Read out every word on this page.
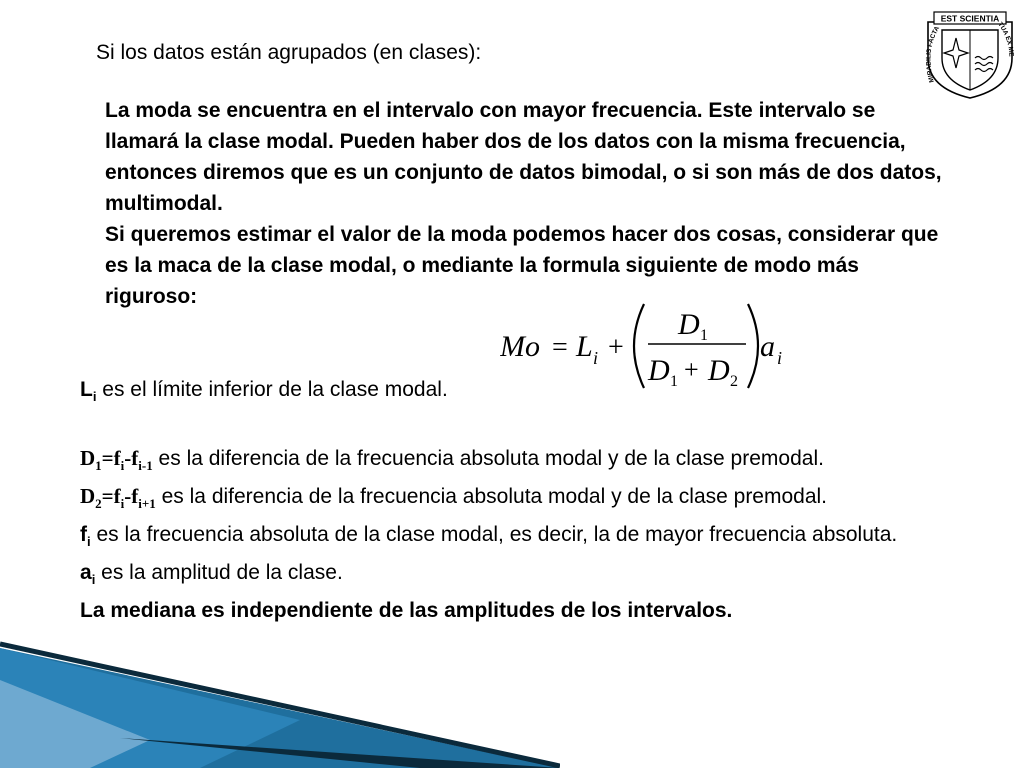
Si los datos están agrupados (en clases):

La moda se encuentra en el intervalo con mayor frecuencia. Este intervalo se llamará la clase modal. Pueden haber dos de los datos con la misma frecuencia, entonces diremos que es un conjunto de datos bimodal, o si son más de dos datos, multimodal.

Si queremos estimar el valor de la moda podemos hacer dos cosas, considerar que es la maca de la clase modal, o mediante la formula siguiente de modo más riguroso:

Mo = L i +
D 1
D 1 + D 2
a i

$L_i$ es el límite inferior de la clase modal.

$D_1=f_i-f_{i-1}$ es la diferencia de la frecuencia absoluta modal y de la clase premodal.

$D_2=f_i-f_{i+1}$ es la diferencia de la frecuencia absoluta modal y de la clase premodal.

$f_i$ es la frecuencia absoluta de la clase modal, es decir, la de mayor frecuencia absoluta.

$a_i$ es la amplitud de la clase.

La mediana es independiente de las amplitudes de los intervalos.

EST SCIENTIA
MIRABILIS FACTA
TUA EX ME
